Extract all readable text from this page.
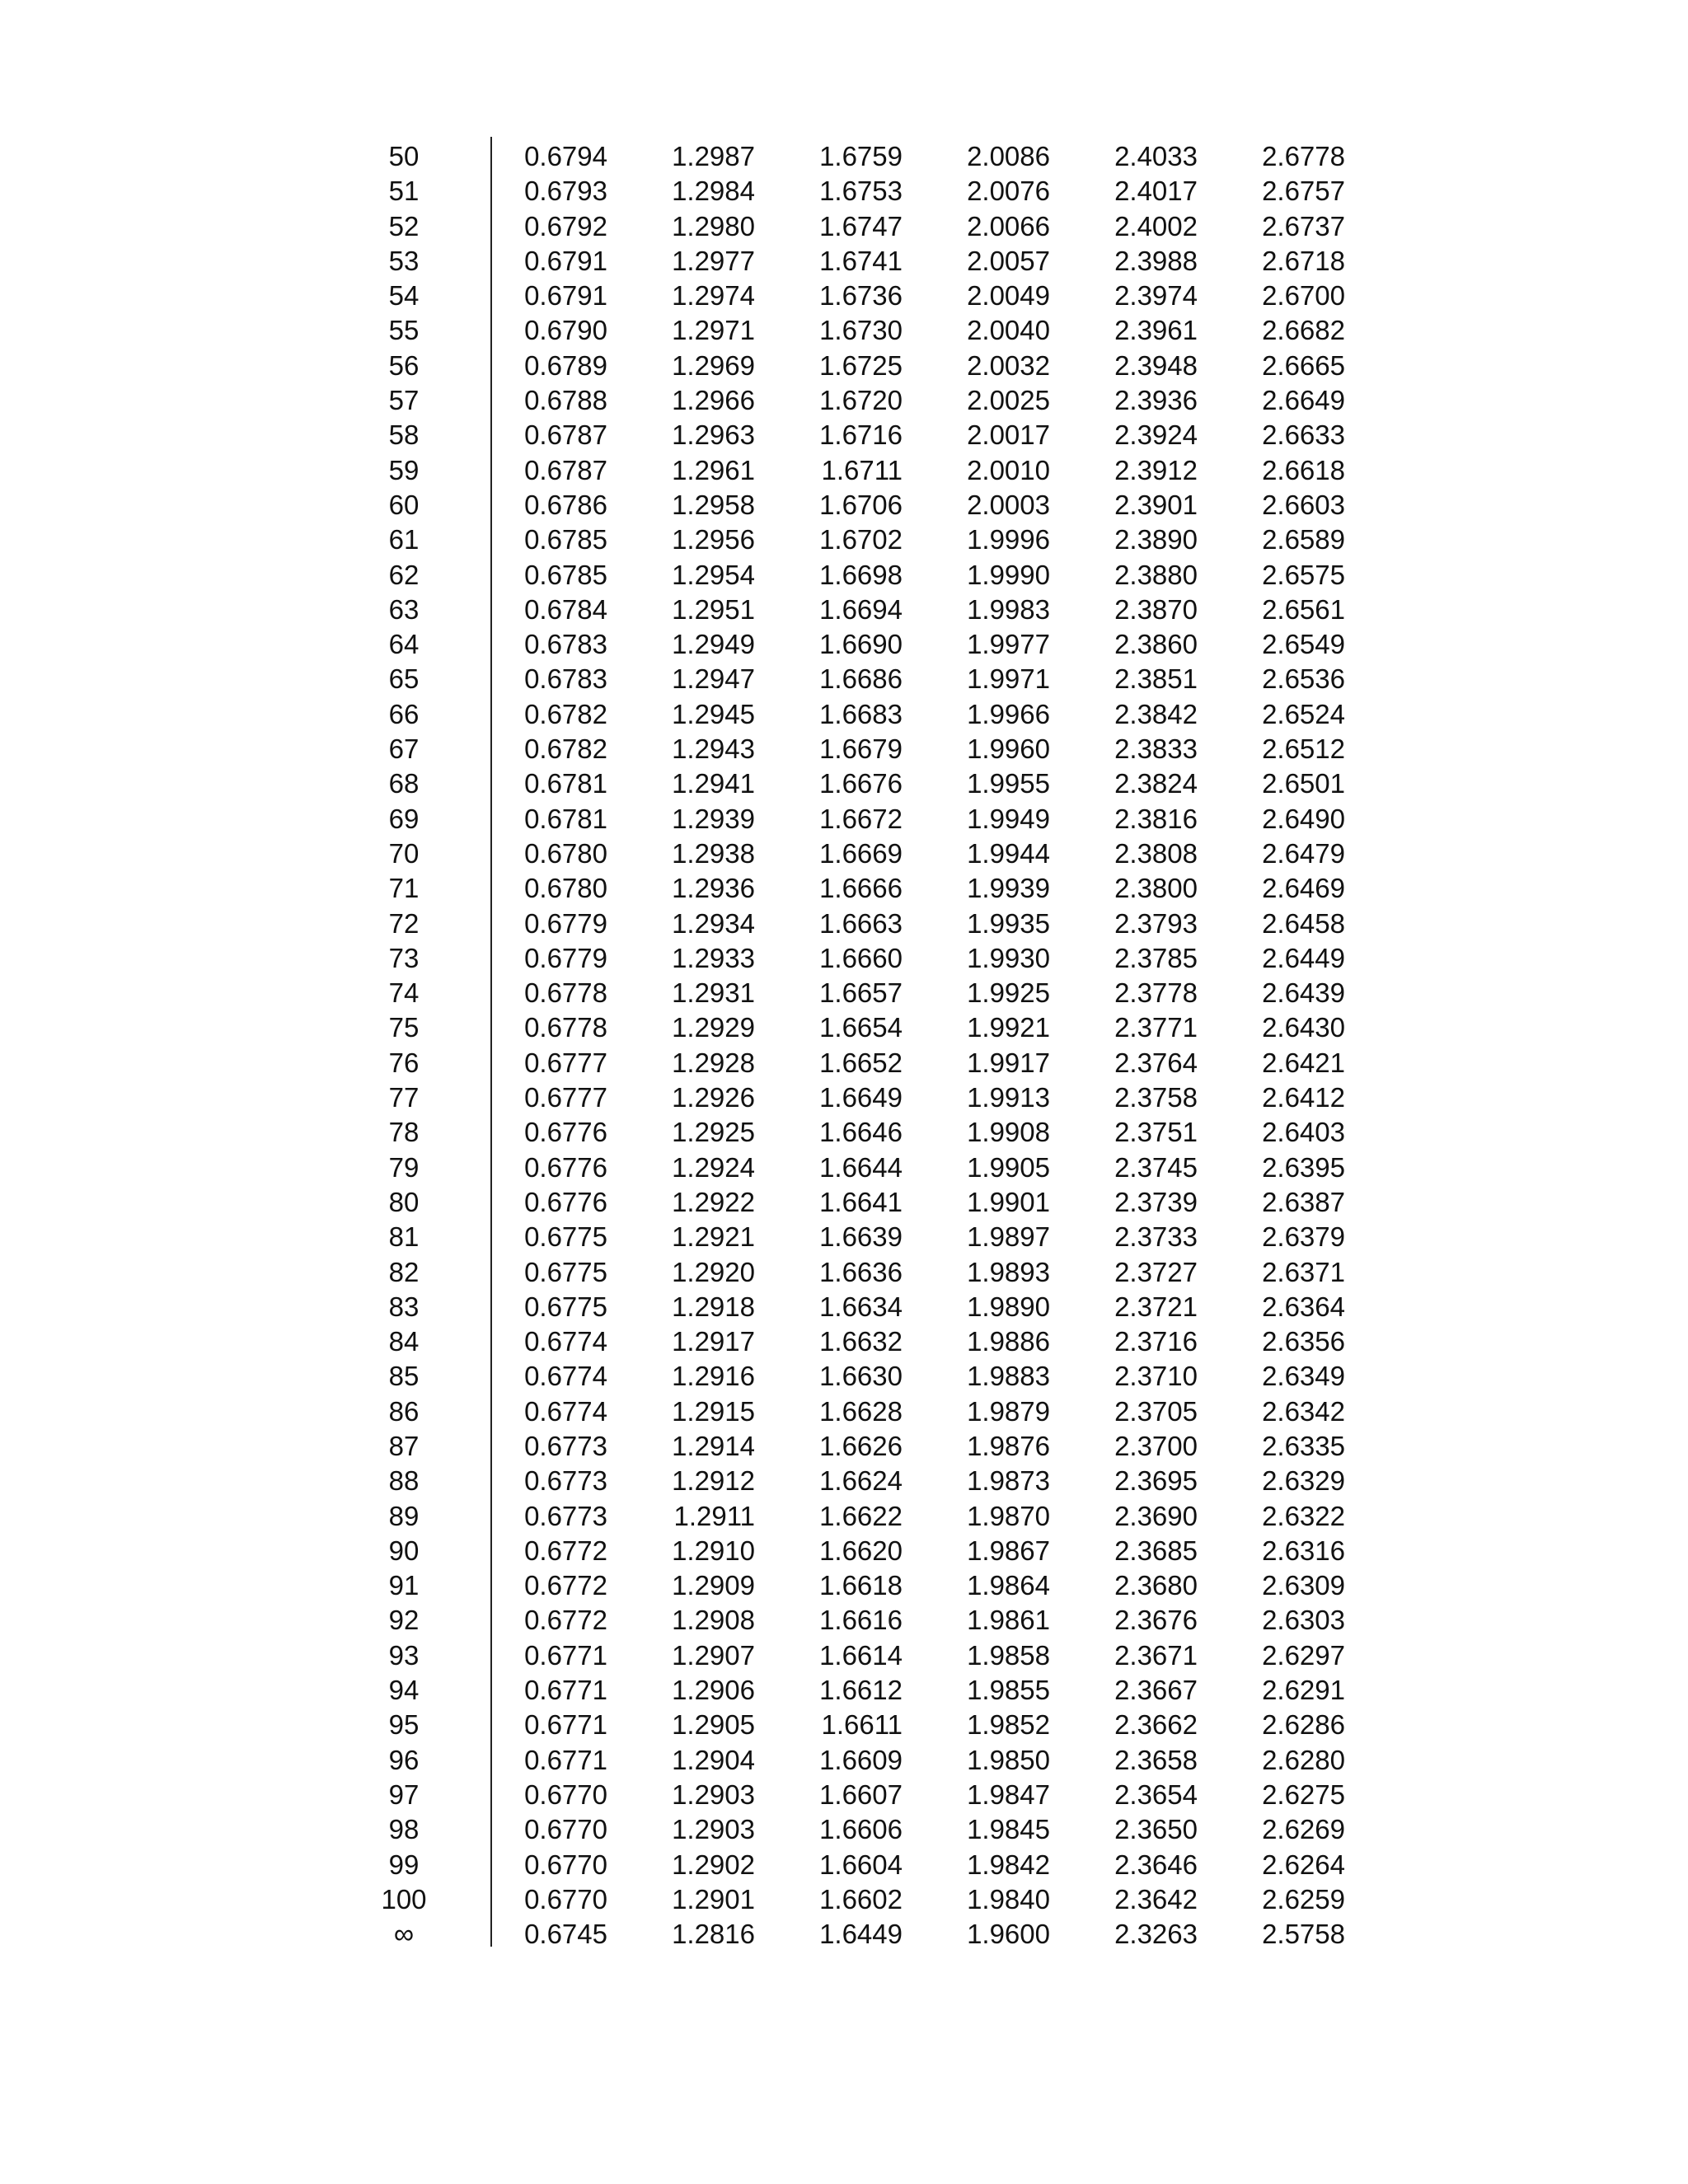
50	0.6794	1.2987	1.6759	2.0086	2.4033	2.6778
51	0.6793	1.2984	1.6753	2.0076	2.4017	2.6757
52	0.6792	1.2980	1.6747	2.0066	2.4002	2.6737
53	0.6791	1.2977	1.6741	2.0057	2.3988	2.6718
54	0.6791	1.2974	1.6736	2.0049	2.3974	2.6700
55	0.6790	1.2971	1.6730	2.0040	2.3961	2.6682
56	0.6789	1.2969	1.6725	2.0032	2.3948	2.6665
57	0.6788	1.2966	1.6720	2.0025	2.3936	2.6649
58	0.6787	1.2963	1.6716	2.0017	2.3924	2.6633
59	0.6787	1.2961	1.6711	2.0010	2.3912	2.6618
60	0.6786	1.2958	1.6706	2.0003	2.3901	2.6603
61	0.6785	1.2956	1.6702	1.9996	2.3890	2.6589
62	0.6785	1.2954	1.6698	1.9990	2.3880	2.6575
63	0.6784	1.2951	1.6694	1.9983	2.3870	2.6561
64	0.6783	1.2949	1.6690	1.9977	2.3860	2.6549
65	0.6783	1.2947	1.6686	1.9971	2.3851	2.6536
66	0.6782	1.2945	1.6683	1.9966	2.3842	2.6524
67	0.6782	1.2943	1.6679	1.9960	2.3833	2.6512
68	0.6781	1.2941	1.6676	1.9955	2.3824	2.6501
69	0.6781	1.2939	1.6672	1.9949	2.3816	2.6490
70	0.6780	1.2938	1.6669	1.9944	2.3808	2.6479
71	0.6780	1.2936	1.6666	1.9939	2.3800	2.6469
72	0.6779	1.2934	1.6663	1.9935	2.3793	2.6458
73	0.6779	1.2933	1.6660	1.9930	2.3785	2.6449
74	0.6778	1.2931	1.6657	1.9925	2.3778	2.6439
75	0.6778	1.2929	1.6654	1.9921	2.3771	2.6430
76	0.6777	1.2928	1.6652	1.9917	2.3764	2.6421
77	0.6777	1.2926	1.6649	1.9913	2.3758	2.6412
78	0.6776	1.2925	1.6646	1.9908	2.3751	2.6403
79	0.6776	1.2924	1.6644	1.9905	2.3745	2.6395
80	0.6776	1.2922	1.6641	1.9901	2.3739	2.6387
81	0.6775	1.2921	1.6639	1.9897	2.3733	2.6379
82	0.6775	1.2920	1.6636	1.9893	2.3727	2.6371
83	0.6775	1.2918	1.6634	1.9890	2.3721	2.6364
84	0.6774	1.2917	1.6632	1.9886	2.3716	2.6356
85	0.6774	1.2916	1.6630	1.9883	2.3710	2.6349
86	0.6774	1.2915	1.6628	1.9879	2.3705	2.6342
87	0.6773	1.2914	1.6626	1.9876	2.3700	2.6335
88	0.6773	1.2912	1.6624	1.9873	2.3695	2.6329
89	0.6773	1.2911	1.6622	1.9870	2.3690	2.6322
90	0.6772	1.2910	1.6620	1.9867	2.3685	2.6316
91	0.6772	1.2909	1.6618	1.9864	2.3680	2.6309
92	0.6772	1.2908	1.6616	1.9861	2.3676	2.6303
93	0.6771	1.2907	1.6614	1.9858	2.3671	2.6297
94	0.6771	1.2906	1.6612	1.9855	2.3667	2.6291
95	0.6771	1.2905	1.6611	1.9852	2.3662	2.6286
96	0.6771	1.2904	1.6609	1.9850	2.3658	2.6280
97	0.6770	1.2903	1.6607	1.9847	2.3654	2.6275
98	0.6770	1.2903	1.6606	1.9845	2.3650	2.6269
99	0.6770	1.2902	1.6604	1.9842	2.3646	2.6264
100	0.6770	1.2901	1.6602	1.9840	2.3642	2.6259
∞	0.6745	1.2816	1.6449	1.9600	2.3263	2.5758
